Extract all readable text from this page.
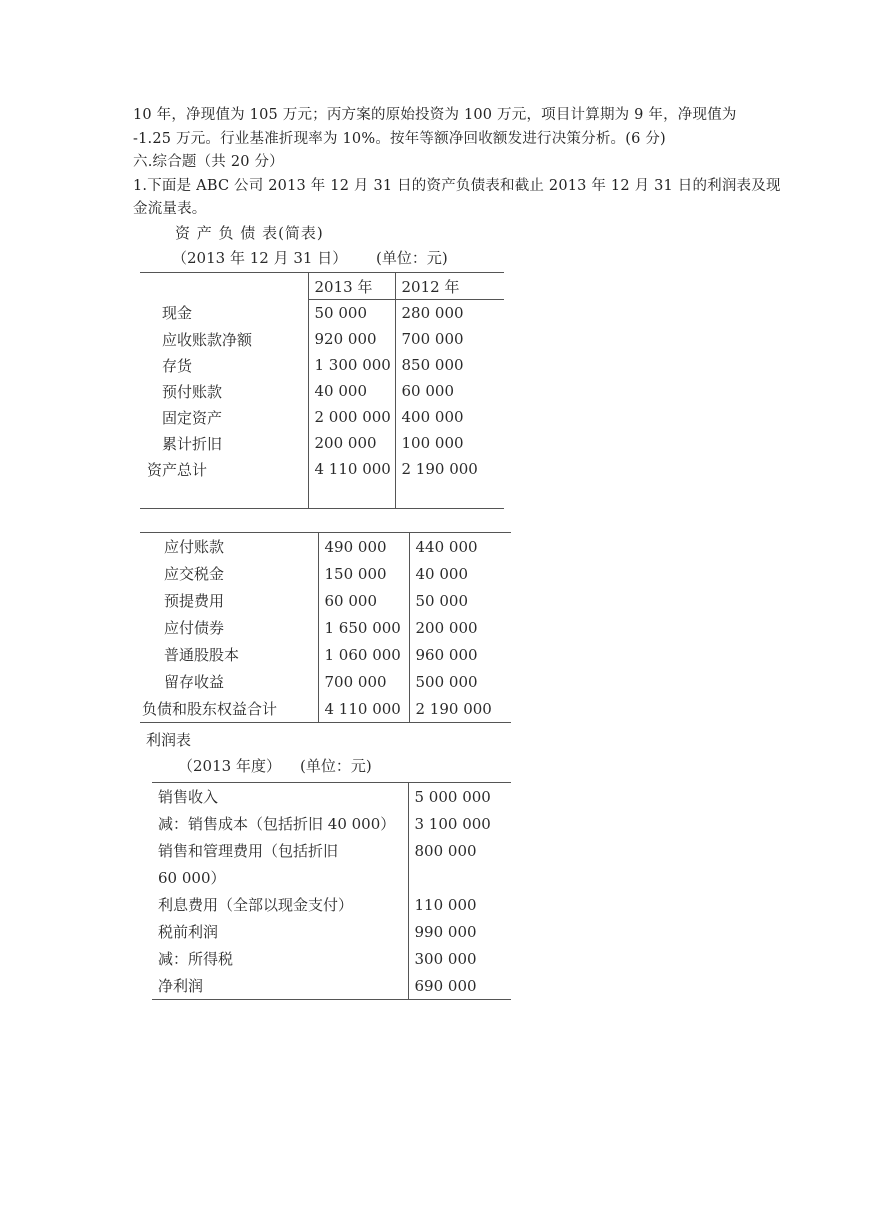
10 年，净现值为 105 万元；丙方案的原始投资为 100 万元，项目计算期为 9 年，净现值为
-1.25 万元。行业基准折现率为 10%。按年等额净回收额发进行决策分析。(6 分)
六.综合题（共 20 分）
1.下面是 ABC 公司 2013 年 12 月 31 日的资产负债表和截止 2013 年 12 月 31 日的利润表及现
金流量表。
资 产 负 债 表(简表)
（2013 年 12 月 31 日） (单位：元)
	2013 年	2012 年
现金	50 000	280 000
应收账款净额	920 000	700 000
存货	1 300 000	850 000
预付账款	40 000	60 000
固定资产	2 000 000	400 000
累计折旧	200 000	100 000
资产总计	4 110 000	2 190 000

应付账款	490 000	440 000
应交税金	150 000	40 000
预提费用	60 000	50 000
应付债券	1 650 000	200 000
普通股股本	1 060 000	960 000
留存收益	700 000	500 000
负债和股东权益合计	4 110 000	2 190 000
利润表
（2013 年度） (单位：元)
销售收入	5 000 000
减：销售成本（包括折旧 40 000）	3 100 000
销售和管理费用（包括折旧	800 000
60 000）	
利息费用（全部以现金支付）	110 000
税前利润	990 000
减：所得税	300 000
净利润	690 000
